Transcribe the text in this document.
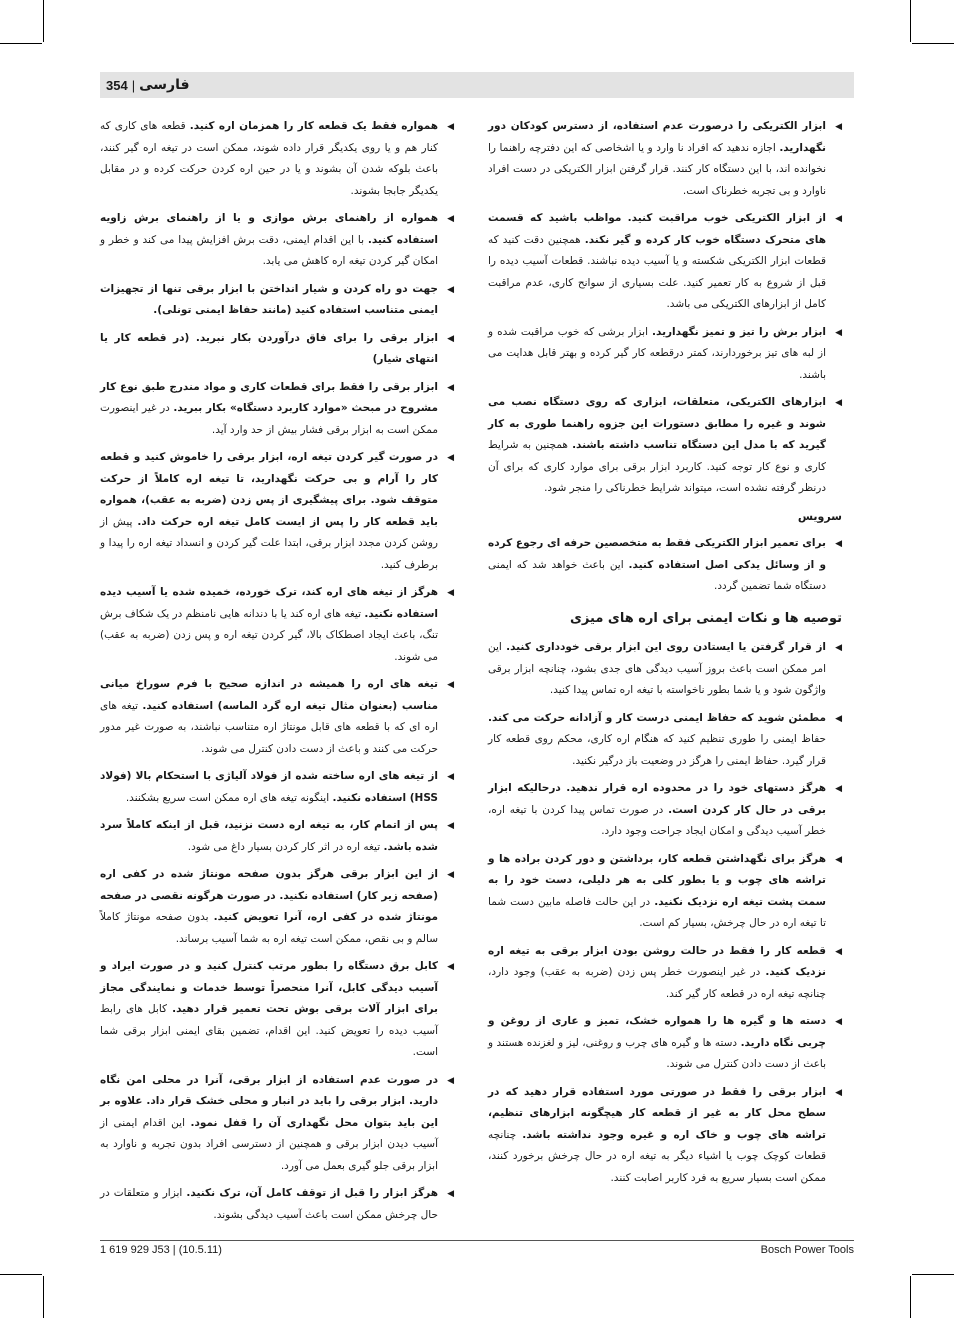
354 | فارسی
◀
ابزار الکتریکی را درصورت عدم استفاده، از دسترس کودکان دور نگهدارید. اجازه ندهید که افراد نا وارد و یا اشخاصی که این دفترچه راهنما را نخوانده اند، با این دستگاه کار کنند. قرار گرفتن ابزار الکتریکی در دست افراد ناوارد و بی تجربه خطرناک است.
◀
از ابزار الکتریکی خوب مراقبت کنید. مواظب باشید که قسمت های متحرک دستگاه خوب کار کرده و گیر نکند. همچنین دقت کنید که قطعات ابزار الکتریکی شکسته و یا آسیب دیده نباشند. قطعات آسیب دیده را قبل از شروع به کار تعمیر کنید. علت بسیاری از سوانح کاری، عدم مراقبت کامل از ابزارهای الکتریکی می باشد.
◀
ابزار برش را تیز و تمیز نگهدارید. ابزار برشی که خوب مراقبت شده و از لبه های تیز برخوردارند، کمتر درقطعه کار گیر کرده و بهتر قابل هدایت می باشند.
◀
ابزارهای الکتریکی، متعلقات، ابزاری که روی دستگاه نصب می شوند و غیره را مطابق دستورات این جزوه راهنما طوری به کار گیرید که با مدل این دستگاه تناسب داشته باشند. همچنین به شرایط کاری و نوع کار توجه کنید. کاربرد ابزار برقی برای موارد کاری که برای آن درنظر گرفته نشده است، میتواند شرایط خطرناکی را منجر شود.
سرویس
◀
برای تعمیر ابزار الکتریکی فقط به متخصصین حرفه ای رجوع کرده و از وسائل یدکی اصل استفاده کنید. این باعث خواهد شد که ایمنی دستگاه شما تضمین گردد.
توصیه ها و نکات ایمنی برای اره های میزی
◀
از قرار گرفتن یا ایستادن روی این ابزار برقی خودداری کنید. این امر ممکن است باعث بروز آسیب دیدگی های جدی بشود، چنانچه ابزار برقی واژگون شود و یا شما بطور ناخواسته با تیغه اره تماس پیدا کنید.
◀
مطمئن شوید که حفاظ ایمنی درست کار و آزادانه حرکت می کند. حفاظ ایمنی را طوری تنظیم کنید که هنگام اره کاری، محکم روی قطعه کار قرار گیرد. حفاظ ایمنی را هرگز در وضعیت باز درگیر نکنید.
◀
هرگز دستهای خود را در محدوده اره قرار ندهید. درحالیکه ابزار برقی در حال کار کردن است. در صورت تماس پیدا کردن با تیغه اره، خطر آسیب دیدگی و امکان ایجاد جراحت وجود دارد.
◀
هرگز برای نگهداشتن قطعه کار، برداشتن و دور کردن براده ها و تراشه های چوب و یا بطور کلی به هر دلیلی، دست خود را به سمت پشت تیغه اره نزدیک نکنید. در این حالت فاصله مابین دست شما تا تیغه اره در حال چرخش، بسیار کم است.
◀
قطعه کار را فقط در حالت روشن بودن ابزار برقی به تیغه اره نزدیک کنید. در غیر اینصورت خطر پس زدن (ضربه به عقب) وجود دارد، چنانچه تیغه اره در قطعه کار گیر کند.
◀
دسته ها و گیره ها را همواره خشک، تمیز و عاری از روغن و چربی نگاه دارید. دسته ها و گیره های چرب و روغنی، لیز و لغزنده هستند و باعث از دست دادن کنترل می شوند.
◀
ابزار برقی را فقط در صورتی مورد استفاده قرار دهید که در سطح محل کار به غیر از قطعه کار هیچگونه ابزارهای تنظیم، تراشه های چوب و خاک اره و غیره وجود نداشته باشد. چنانچه قطعات کوچک چوب یا اشیاء دیگر به تیغه اره در حال چرخش برخورد کنند، ممکن است بسیار سریع به فرد کاربر اصابت کنند.
◀
همواره فقط یک قطعه کار را همزمان اره کنید. قطعه های کاری که کنار هم و یا روی یکدیگر قرار داده شوند، ممکن است در تیغه اره گیر کنند، باعث بلوکه شدن آن بشوند و یا در حین اره کردن حرکت کرده و در مقابل یکدیگر جابجا بشوند.
◀
همواره از راهنمای برش موازی و یا از راهنمای برش زاویه استفاده کنید. با این اقدام ایمنی، دقت برش افزایش پیدا می کند و خطر و امکان گیر کردن تیغه اره کاهش می یابد.
◀
جهت دو راه کردن و شیار انداختن با ابزار برقی تنها از تجهیزات ایمنی متناسب استفاده کنید (مانند حفاظ ایمنی تونلی).
◀
ابزار برقی را برای فاق درآوردن بکار نبرید. (در قطعه کار یا انتهای شیار)
◀
ابزار برقی را فقط برای قطعات کاری و مواد مندرج طبق نوع کار مشروح در مبحث «موارد کاربرد دستگاه» بکار ببرید. در غیر اینصورت ممکن است به ابزار برقی فشار بیش از حد وارد آید.
◀
در صورت گیر کردن تیغه اره، ابزار برقی را خاموش کنید و قطعه کار را آرام و بی حرکت نگهدارید، تا تیغه اره کاملاً از حرکت متوقف شود. برای پیشگیری از پس زدن (ضربه به عقب)، همواره باید قطعه کار را پس از ایست کامل تیغه اره حرکت داد. پیش از روشن کردن مجدد ابزار برقی، ابتدا علت گیر کردن و انسداد تیغه اره را پیدا و برطرف کنید.
◀
هرگز از تیغه های اره کند، ترک خورده، خمیده شده یا آسیب دیده استفاده نکنید. تیغه های اره کند یا با دندانه هایی نامنظم در یک شکاف برش تنگ، باعث ایجاد اصطکاک بالا، گیر کردن تیغه اره و پس زدن (ضربه به عقب) می شوند.
◀
تیغه های اره را همیشه در اندازه صحیح با فرم سوراخ میانی مناسب (بعنوان مثال تیغه اره گرد الماسه) استفاده کنید. تیغه های اره ای که با قطعه های قابل مونتاژ اره متناسب نباشند، به صورت غیر مدور حرکت می کنند و باعث از دست دادن کنترل می شوند.
◀
از تیغه های اره ساخته شده از فولاد آلیاژی با استحکام بالا (فولاد HSS) استفاده نکنید. اینگونه تیغه های اره ممکن است سریع بشکنند.
◀
پس از اتمام کار، به تیغه اره دست نزنید، قبل از اینکه کاملاً سرد شده باشد. تیغه اره در اثر کار کردن بسیار داغ می شود.
◀
از این ابزار برقی هرگز بدون صفحه مونتاژ شده در کفی اره (صفحه زیر کار) استفاده نکنید. در صورت هرگونه نقصی در صفحه مونتاژ شده در کفی اره، آنرا تعویض کنید. بدون صفحه مونتاژ کاملاً سالم و بی نقص، ممکن است تیغه اره به شما آسیب برساند.
◀
کابل برق دستگاه را بطور مرتب کنترل کنید و در صورت ایراد و آسیب دیدگی کابل، آنرا منحصراً توسط خدمات و نمایندگی مجاز برای ابزار آلات برقی بوش تحت تعمیر قرار دهید. کابل های رابط آسیب دیده را تعویض کنید. این اقدام، تضمین بقای ایمنی ابزار برقی شما است.
◀
در صورت عدم استفاده از ابزار برقی، آنرا در محلی امن نگاه دارید. ابزار برقی را باید در انبار و محلی خشک قرار داد. علاوه بر این باید بتوان محل نگهداری آن را قفل نمود. این اقدام ایمنی از آسیب دیدن ابزار برقی و همچنین از دسترسی افراد بدون تجربه و ناوارد به ابزار برقی جلو گیری بعمل می آورد.
◀
هرگز ابزار را قبل از توقف کامل آن، ترک نکنید. ابزار و متعلقات در حال چرخش ممکن است باعث آسیب دیدگی بشوند.
1 619 929 J53 | (10.5.11)	Bosch Power Tools
